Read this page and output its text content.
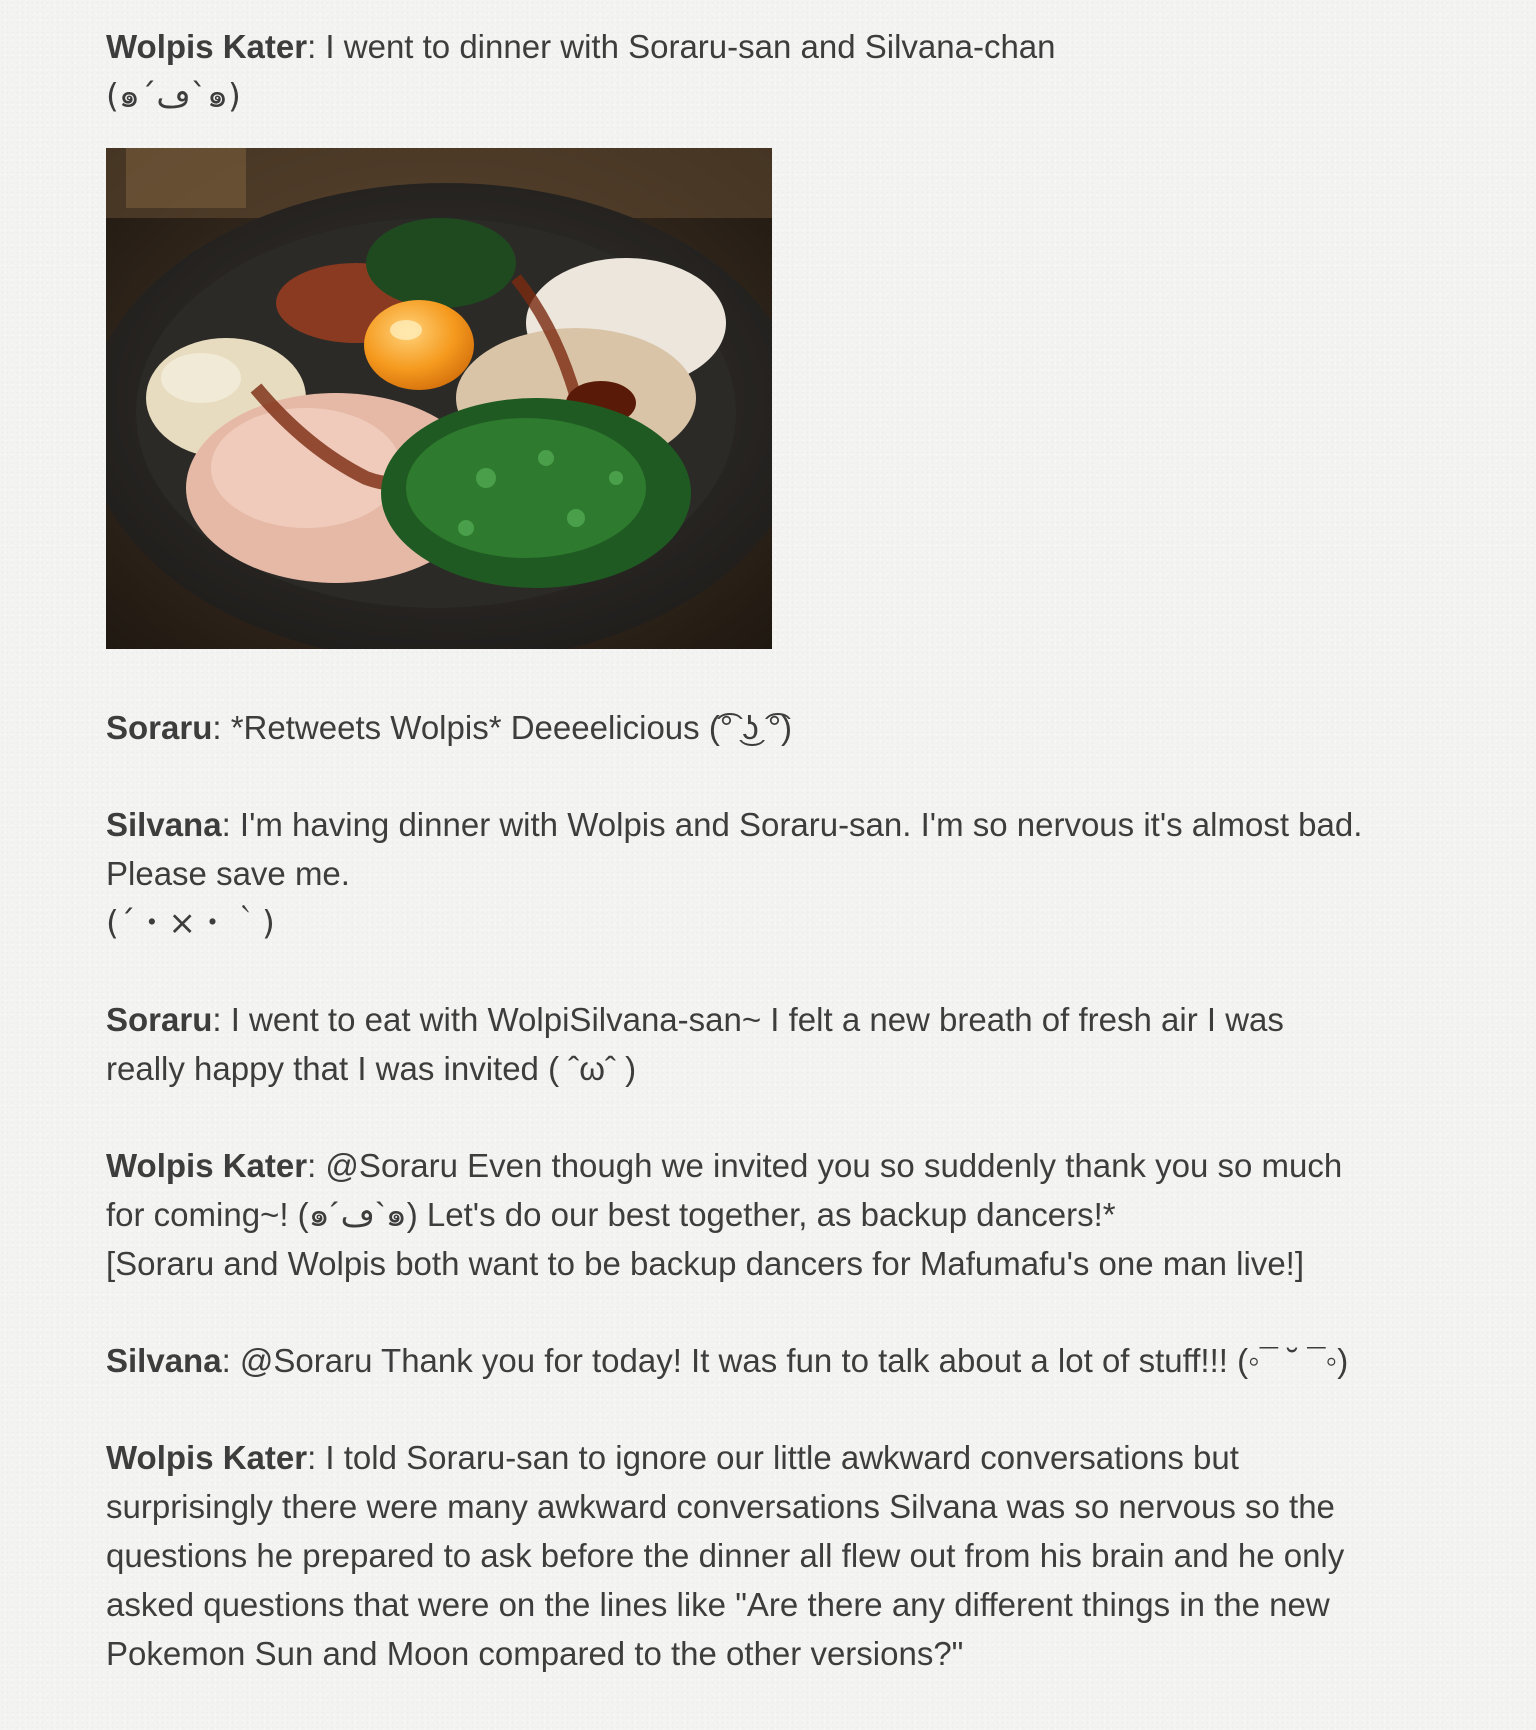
Wolpis Kater: I went to dinner with Soraru-san and Silvana-chan
(๑´ڡ`๑)
Soraru: *Retweets Wolpis* Deeeelicious (͡° ͜ʖ ͡°)
Silvana: I'm having dinner with Wolpis and Soraru-san. I'm so nervous it's almost bad.
Please save me.
(´・×・｀)
Soraru: I went to eat with WolpiSilvana-san~ I felt a new breath of fresh air I was
really happy that I was invited ( ˆωˆ )
Wolpis Kater: @Soraru Even though we invited you so suddenly thank you so much
for coming~! (๑´ڡ`๑) Let's do our best together, as backup dancers!*
[Soraru and Wolpis both want to be backup dancers for Mafumafu's one man live!]
Silvana: @Soraru Thank you for today! It was fun to talk about a lot of stuff!!! (◦¯ ˘ ¯◦)
Wolpis Kater: I told Soraru-san to ignore our little awkward conversations but
surprisingly there were many awkward conversations Silvana was so nervous so the
questions he prepared to ask before the dinner all flew out from his brain and he only
asked questions that were on the lines like "Are there any different things in the new
Pokemon Sun and Moon compared to the other versions?"
